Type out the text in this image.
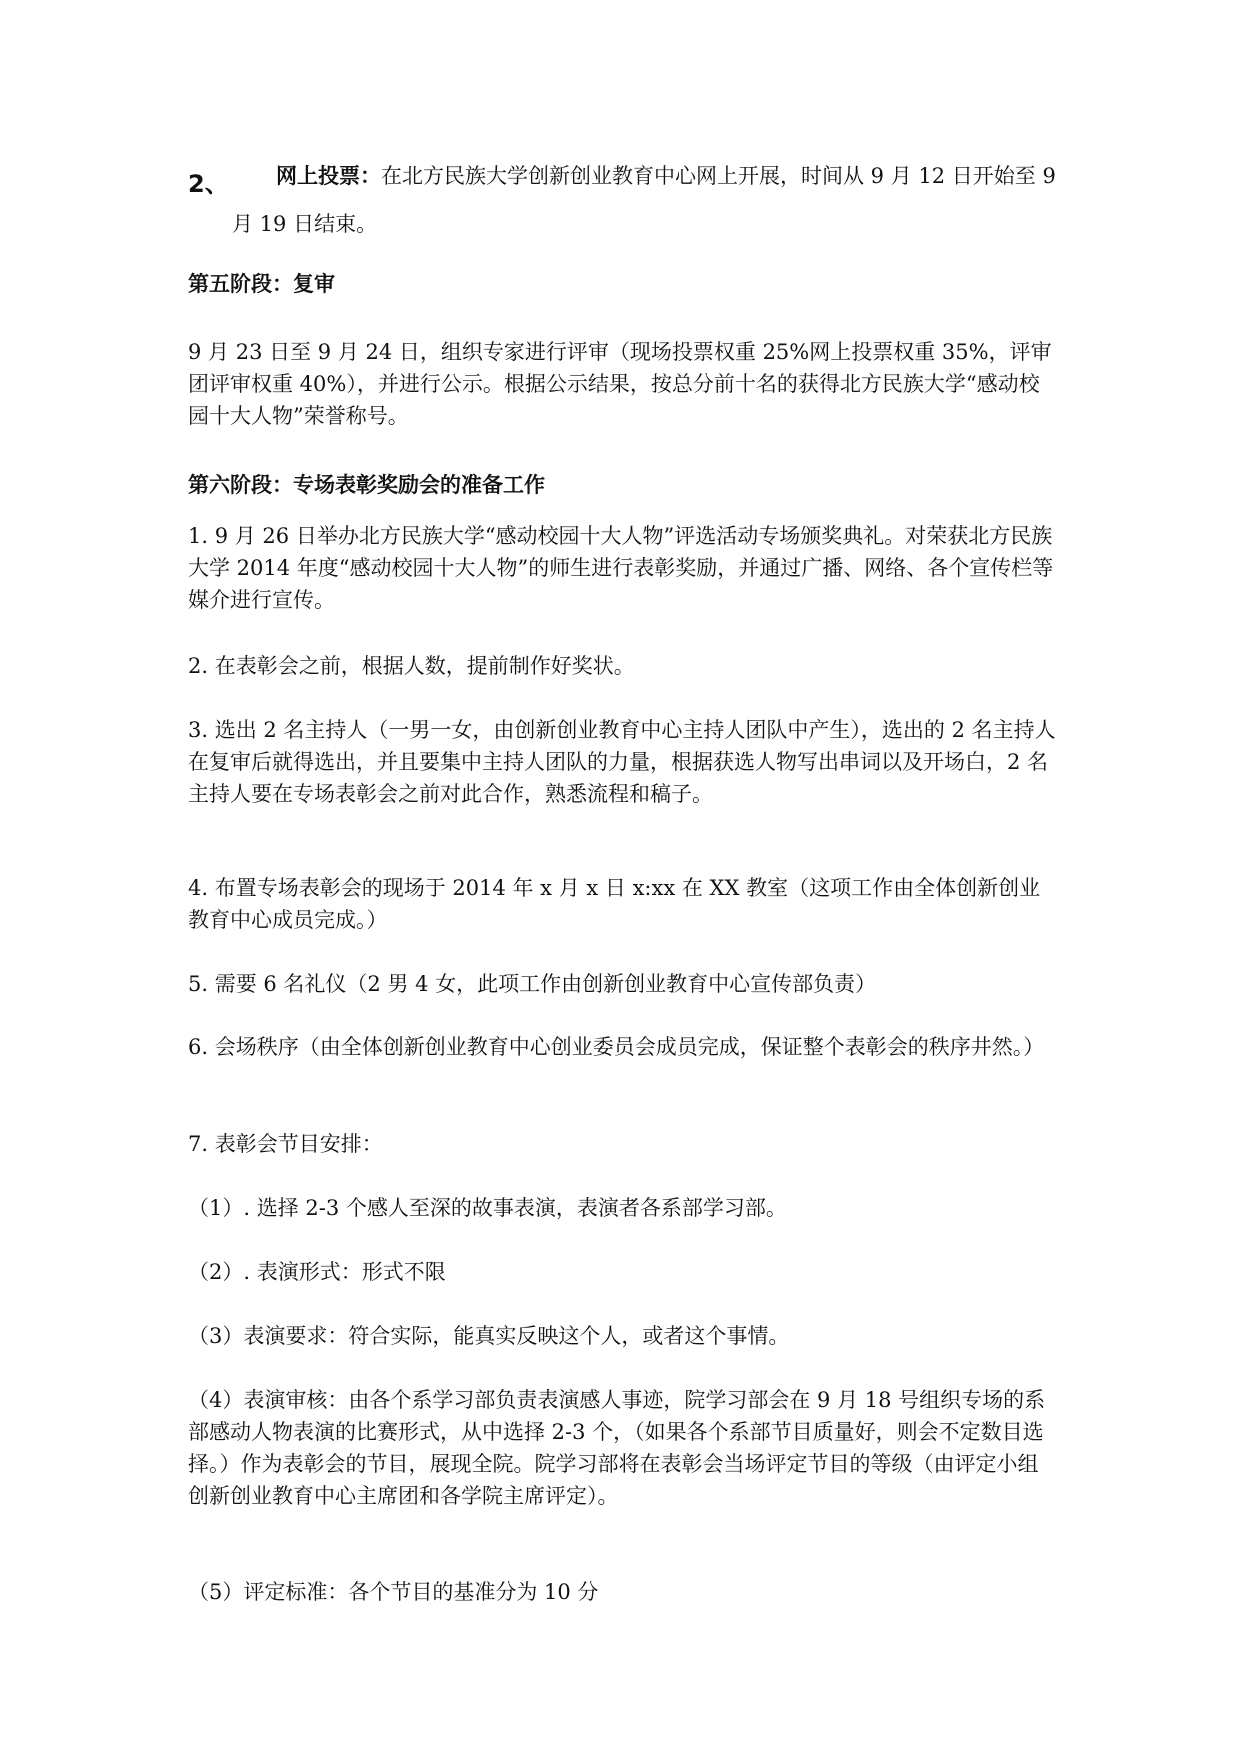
2、	网上投票：在北方民族大学创新创业教育中心网上开展，时间从 9 月 12 日开始至 9 月 19 日结束。
第五阶段：复审
9 月 23 日至 9 月 24 日，组织专家进行评审（现场投票权重 25%网上投票权重 35%，评审团评审权重 40%），并进行公示。根据公示结果，按总分前十名的获得北方民族大学“感动校园十大人物”荣誉称号。
第六阶段：专场表彰奖励会的准备工作
1. 9 月 26 日举办北方民族大学“感动校园十大人物”评选活动专场颁奖典礼。对荣获北方民族大学 2014 年度“感动校园十大人物”的师生进行表彰奖励，并通过广播、网络、各个宣传栏等媒介进行宣传。
2. 在表彰会之前，根据人数，提前制作好奖状。
3. 选出 2 名主持人（一男一女，由创新创业教育中心主持人团队中产生），选出的 2 名主持人在复审后就得选出，并且要集中主持人团队的力量，根据获选人物写出串词以及开场白，2 名主持人要在专场表彰会之前对此合作，熟悉流程和稿子。
4. 布置专场表彰会的现场于 2014 年 x 月 x 日 x:xx 在 XX 教室（这项工作由全体创新创业教育中心成员完成。）
5. 需要 6 名礼仪（2 男 4 女，此项工作由创新创业教育中心宣传部负责）
6. 会场秩序（由全体创新创业教育中心创业委员会成员完成，保证整个表彰会的秩序井然。）
7. 表彰会节目安排：
（1）. 选择 2-3 个感人至深的故事表演，表演者各系部学习部。
（2）. 表演形式：形式不限
（3）表演要求：符合实际，能真实反映这个人，或者这个事情。
（4）表演审核：由各个系学习部负责表演感人事迹，院学习部会在 9 月 18 号组织专场的系部感动人物表演的比赛形式，从中选择 2-3 个，（如果各个系部节目质量好，则会不定数目选择。）作为表彰会的节目，展现全院。院学习部将在表彰会当场评定节目的等级（由评定小组创新创业教育中心主席团和各学院主席评定）。
（5）评定标准：各个节目的基准分为 10 分
